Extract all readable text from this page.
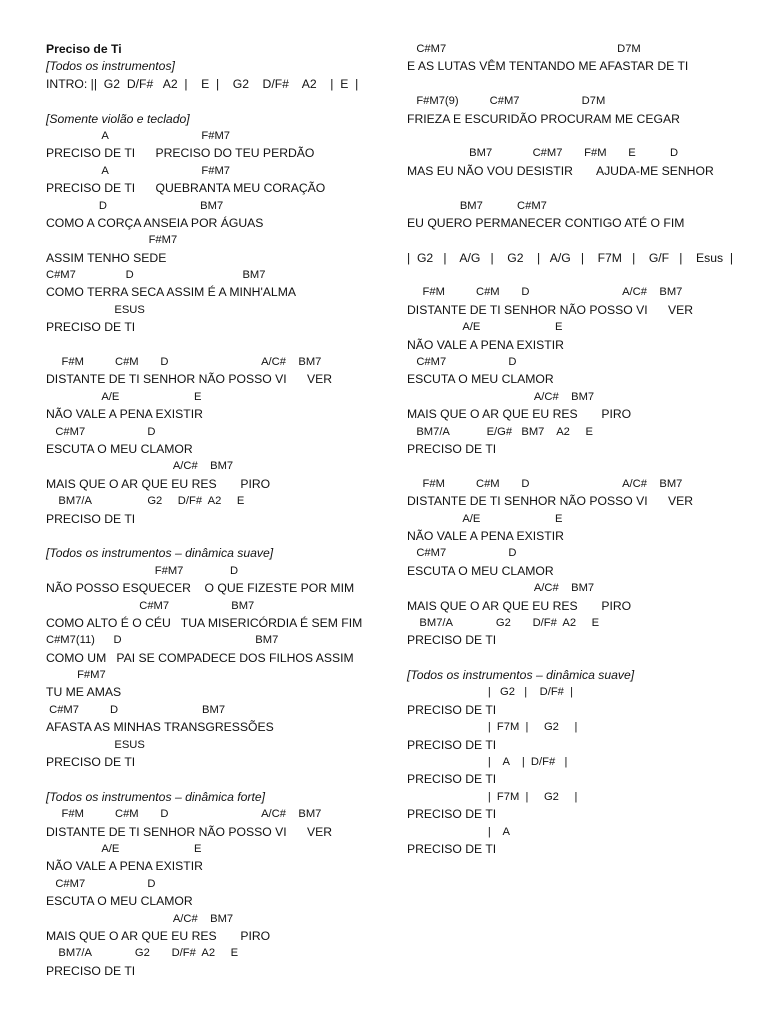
Preciso de Ti
[Todos os instrumentos]
INTRO: ||  G2  D/F#   A2  |    E  |    G2    D/F#    A2    |  E  |
[Somente violão e teclado]
A                              F#M7
PRECISO DE TI      PRECISO DO TEU PERDÃO
A                              F#M7
PRECISO DE TI      QUEBRANTA MEU CORAÇÃO
D                              BM7
COMO A CORÇA ANSEIA POR ÁGUAS
F#M7
ASSIM TENHO SEDE
C#M7                D                                   BM7
COMO TERRA SECA ASSIM É A MINH'ALMA
ESUS
PRECISO DE TI
F#M          C#M       D                              A/C#    BM7
DISTANTE DE TI SENHOR NÃO POSSO VI      VER
A/E                        E
NÃO VALE A PENA EXISTIR
C#M7                    D
ESCUTA O MEU CLAMOR
A/C#    BM7
MAIS QUE O AR QUE EU RES       PIRO
BM7/A                  G2     D/F#  A2     E
PRECISO DE TI
[Todos os instrumentos – dinâmica suave]
F#M7               D
NÃO POSSO ESQUECER    O QUE FIZESTE POR MIM
C#M7                    BM7
COMO ALTO É O CÉU   TUA MISERICÓRDIA É SEM FIM
C#M7(11)      D                                           BM7
COMO UM   PAI SE COMPADECE DOS FILHOS ASSIM
F#M7
TU ME AMAS
C#M7          D                           BM7
AFASTA AS MINHAS TRANSGRESSÕES
ESUS
PRECISO DE TI
[Todos os instrumentos – dinâmica forte]
F#M          C#M       D                              A/C#    BM7
DISTANTE DE TI SENHOR NÃO POSSO VI      VER
A/E                        E
NÃO VALE A PENA EXISTIR
C#M7                    D
ESCUTA O MEU CLAMOR
A/C#    BM7
MAIS QUE O AR QUE EU RES       PIRO
BM7/A              G2       D/F#  A2     E
PRECISO DE TI
C#M7                                                       D7M
E AS LUTAS VÊM TENTANDO ME AFASTAR DE TI
F#M7(9)          C#M7                    D7M
FRIEZA E ESCURIDÃO PROCURAM ME CEGAR
BM7             C#M7       F#M       E           D
MAS EU NÃO VOU DESISTIR       AJUDA-ME SENHOR
BM7           C#M7
EU QUERO PERMANECER CONTIGO ATÉ O FIM
|  G2   |    A/G   |    G2    |   A/G   |    F7M   |    G/F   |    Esus  |
F#M          C#M       D                              A/C#    BM7
DISTANTE DE TI SENHOR NÃO POSSO VI      VER
A/E                        E
NÃO VALE A PENA EXISTIR
C#M7                    D
ESCUTA O MEU CLAMOR
A/C#    BM7
MAIS QUE O AR QUE EU RES       PIRO
BM7/A            E/G#   BM7    A2     E
PRECISO DE TI
F#M          C#M       D                              A/C#    BM7
DISTANTE DE TI SENHOR NÃO POSSO VI      VER
A/E                        E
NÃO VALE A PENA EXISTIR
C#M7                    D
ESCUTA O MEU CLAMOR
A/C#    BM7
MAIS QUE O AR QUE EU RES       PIRO
BM7/A              G2       D/F#  A2     E
PRECISO DE TI
[Todos os instrumentos – dinâmica suave]
|   G2   |    D/F#  |
PRECISO DE TI
|  F7M  |     G2     |
PRECISO DE TI
|    A    |  D/F#   |
PRECISO DE TI
|  F7M  |     G2     |
PRECISO DE TI
|    A
PRECISO DE TI
